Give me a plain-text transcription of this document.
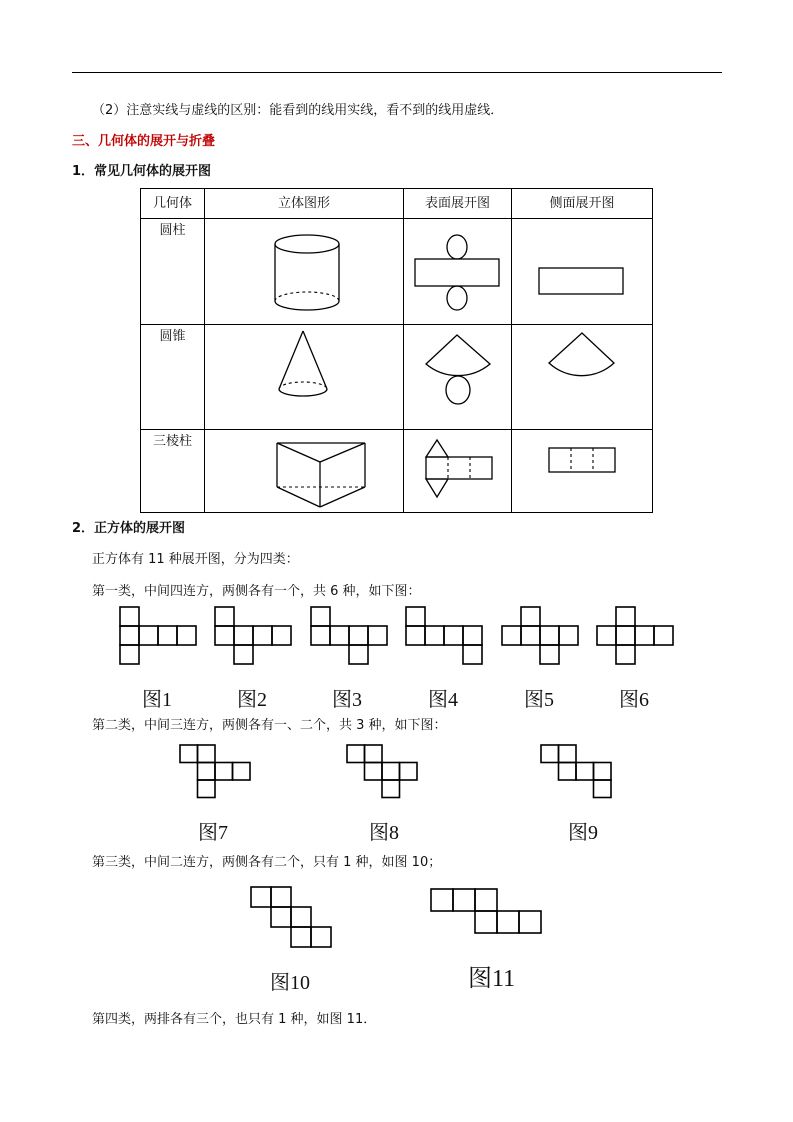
（2）注意实线与虚线的区别：能看到的线用实线，看不到的线用虚线．
三、几何体的展开与折叠
1．常见几何体的展开图
几何体	立体图形	表面展开图	侧面展开图
圆柱	

圆锥	

三棱柱	

2．正方体的展开图
正方体有 11 种展开图，分为四类：
第一类，中间四连方，两侧各有一个，共 6 种，如下图：
图1	图2	图3	图4	图5	图6
第二类，中间三连方，两侧各有一、二个，共 3 种，如下图：
图7	图8	图9
第三类，中间二连方，两侧各有二个，只有 1 种，如图 10；
图10	图11
第四类，两排各有三个，也只有 1 种，如图 11．
